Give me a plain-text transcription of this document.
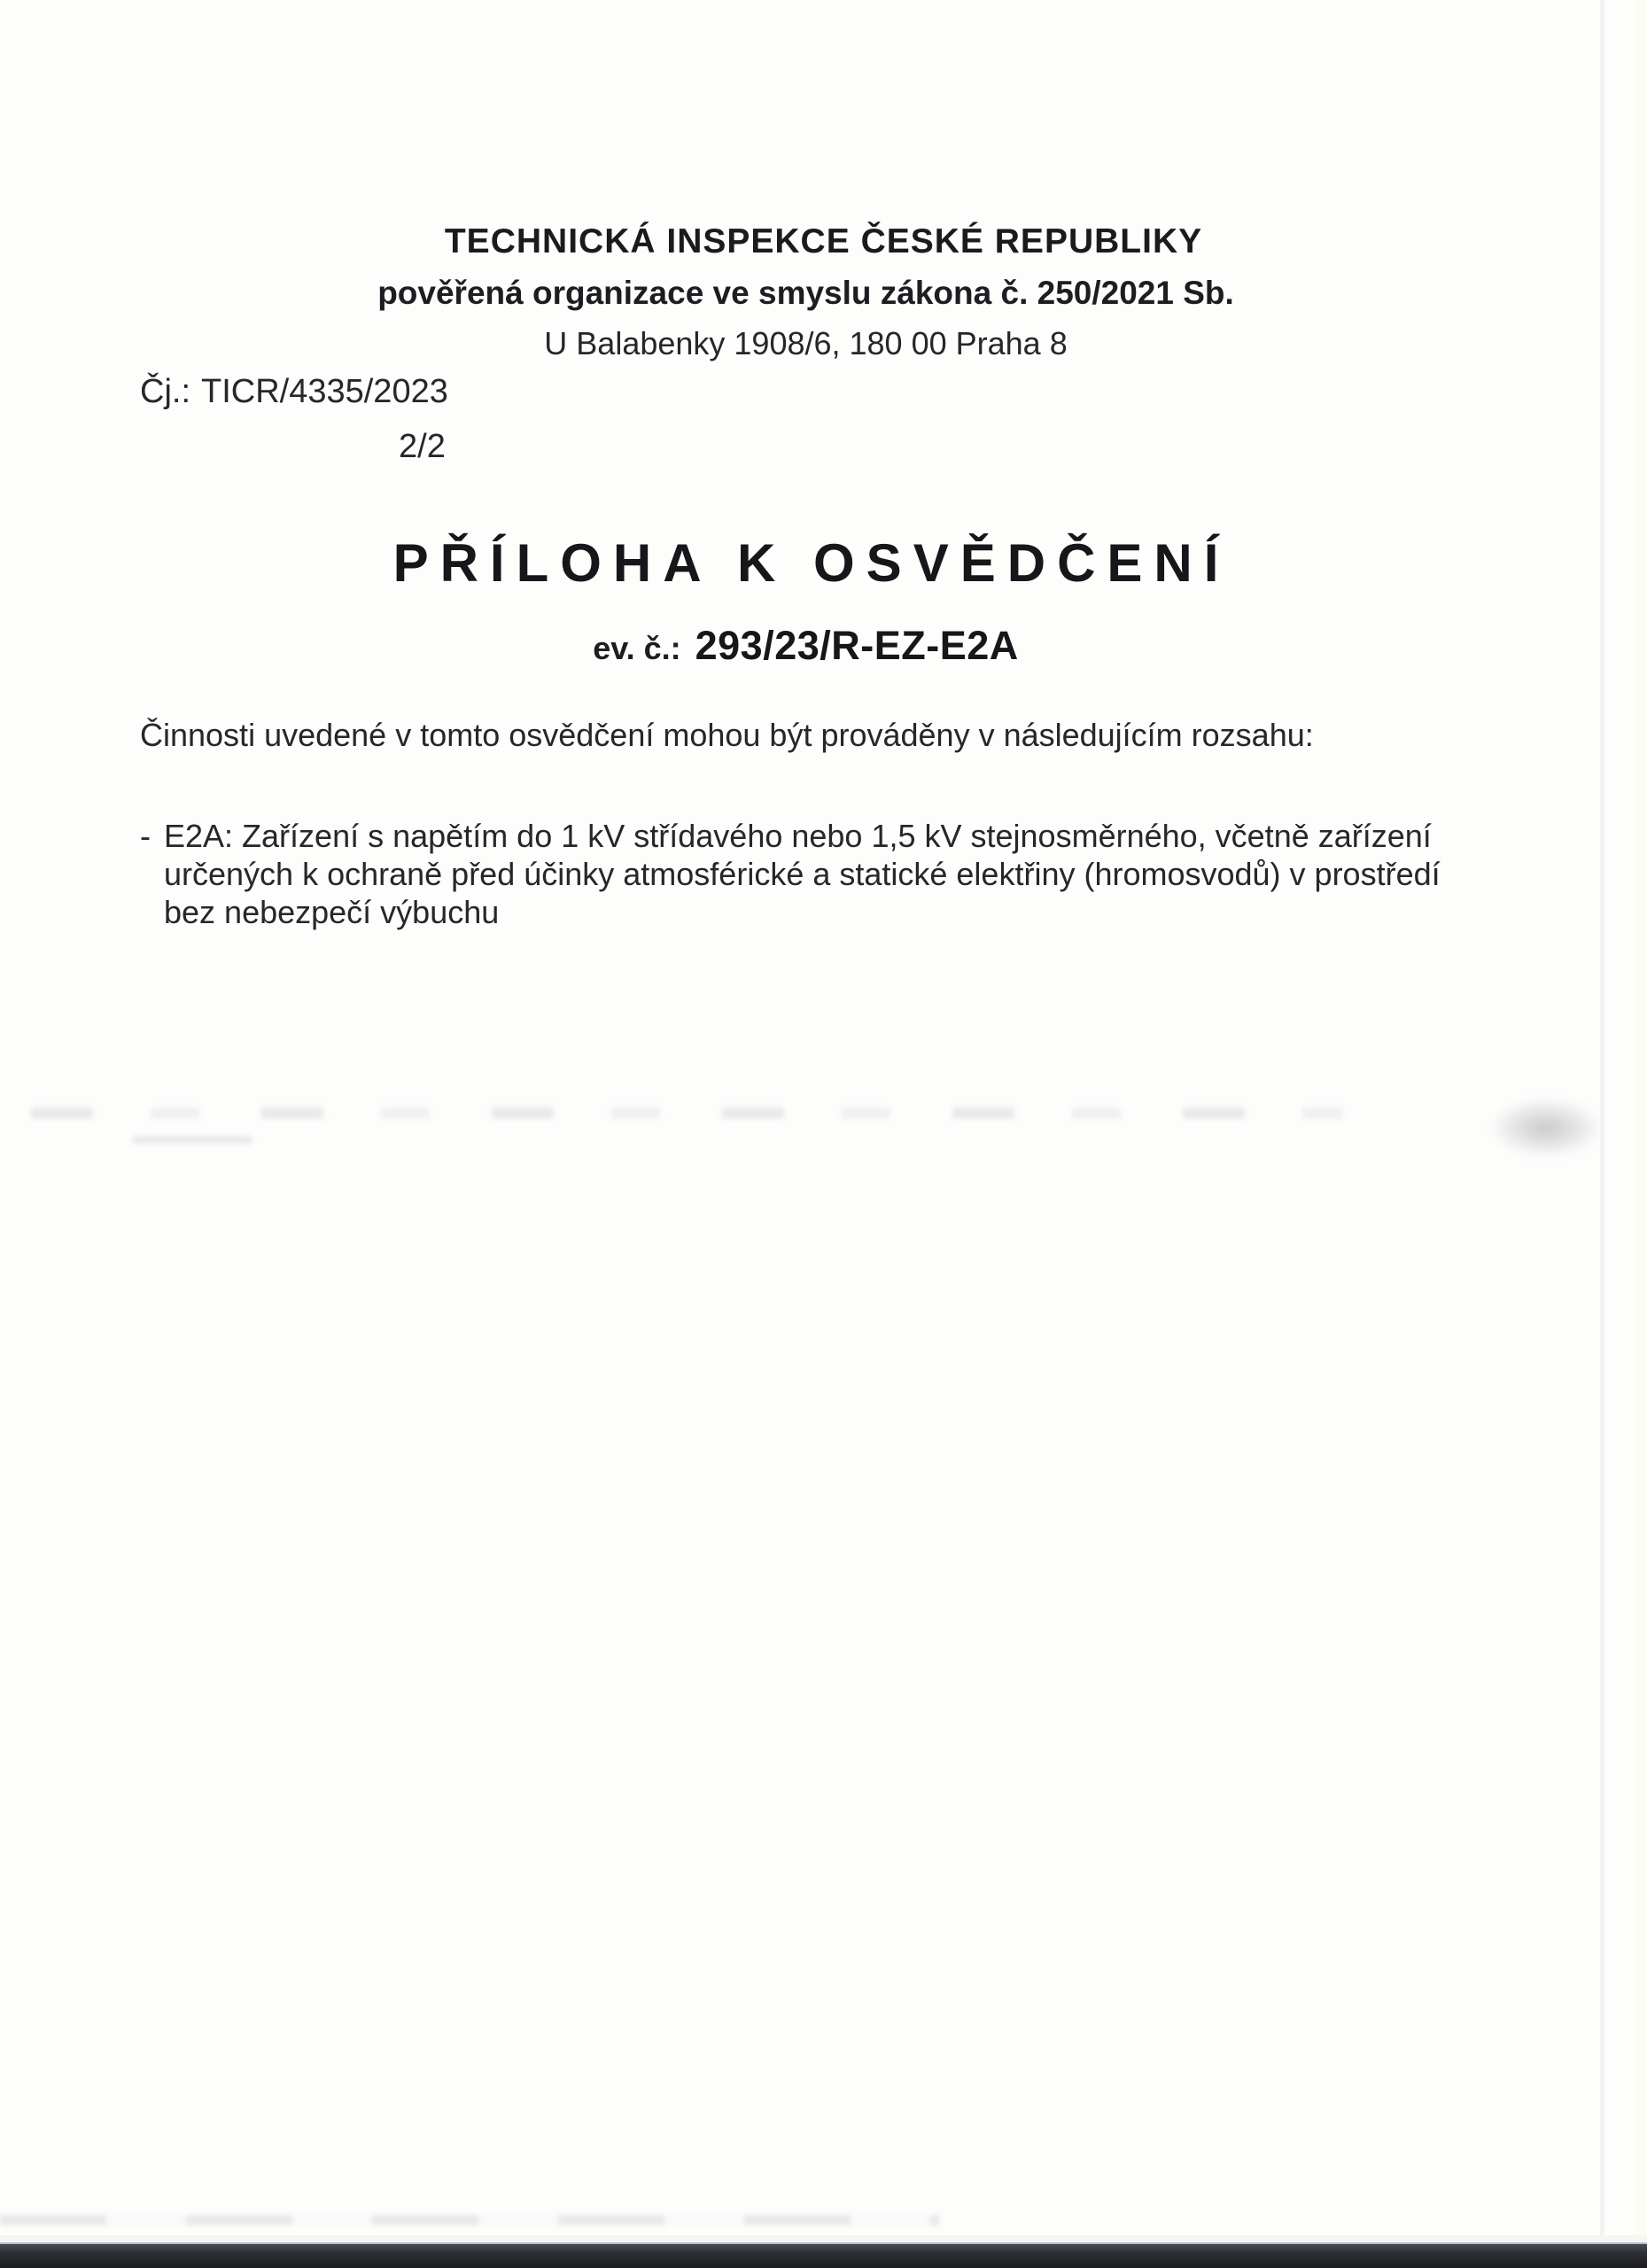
TECHNICKÁ INSPEKCE ČESKÉ REPUBLIKY
pověřená organizace ve smyslu zákona č. 250/2021 Sb.
U Balabenky 1908/6, 180 00 Praha 8
Čj.: TICR/4335/2023
2/2
PŘÍLOHA K OSVĚDČENÍ
ev. č.: 293/23/R-EZ-E2A
Činnosti uvedené v tomto osvědčení mohou být prováděny v následujícím rozsahu:
- E2A: Zařízení s napětím do 1 kV střídavého nebo 1,5 kV stejnosměrného, včetně zařízení
určených k ochraně před účinky atmosférické a statické elektřiny (hromosvodů) v prostředí
bez nebezpečí výbuchu
